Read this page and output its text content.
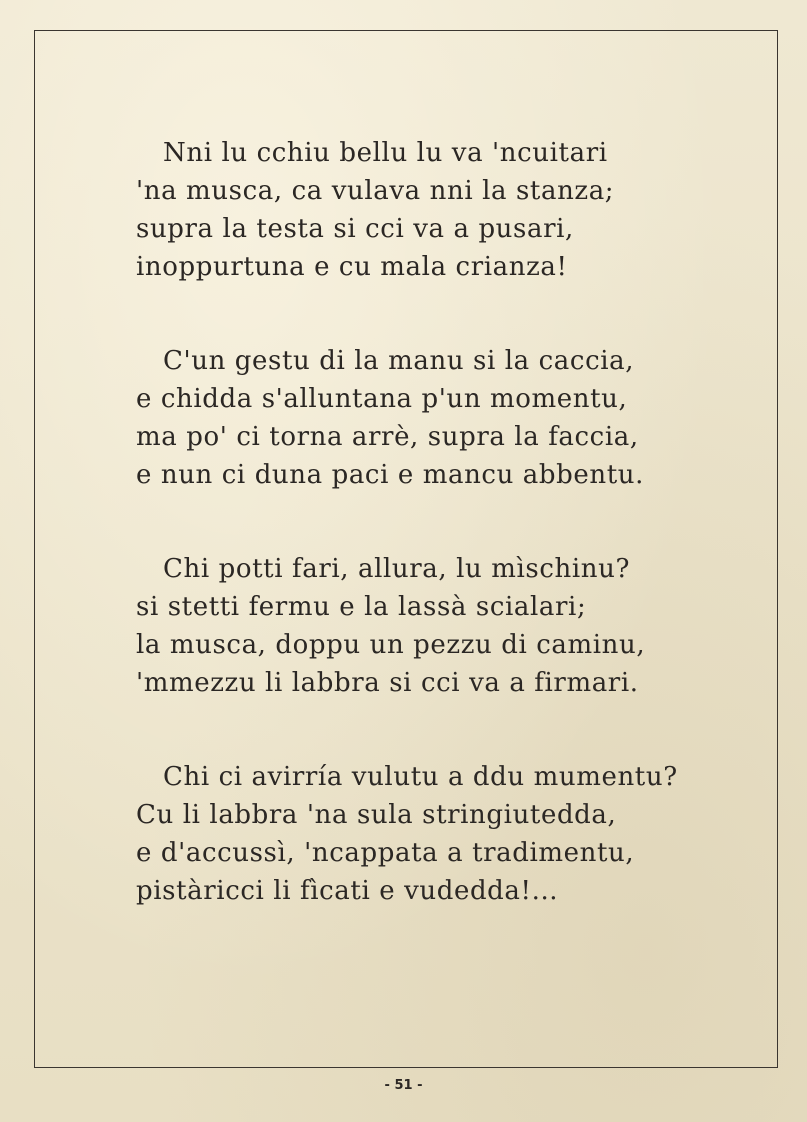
Nni lu cchiu bellu lu va 'ncuitari
'na musca, ca vulava nni la stanza;
supra la testa si cci va a pusari,
inoppurtuna e cu mala crianza!
C'un gestu di la manu si la caccia,
e chidda s'alluntana p'un momentu,
ma po' ci torna arrè, supra la faccia,
e nun ci duna paci e mancu abbentu.
Chi potti fari, allura, lu mìschinu?
si stetti fermu e la lassà scialari;
la musca, doppu un pezzu di caminu,
'mmezzu li labbra si cci va a firmari.
Chi ci avirría vulutu a ddu mumentu?
Cu li labbra 'na sula stringiutedda,
e d'accussì, 'ncappata a tradimentu,
pistàricci li fìcati e vudedda!...
- 51 -
